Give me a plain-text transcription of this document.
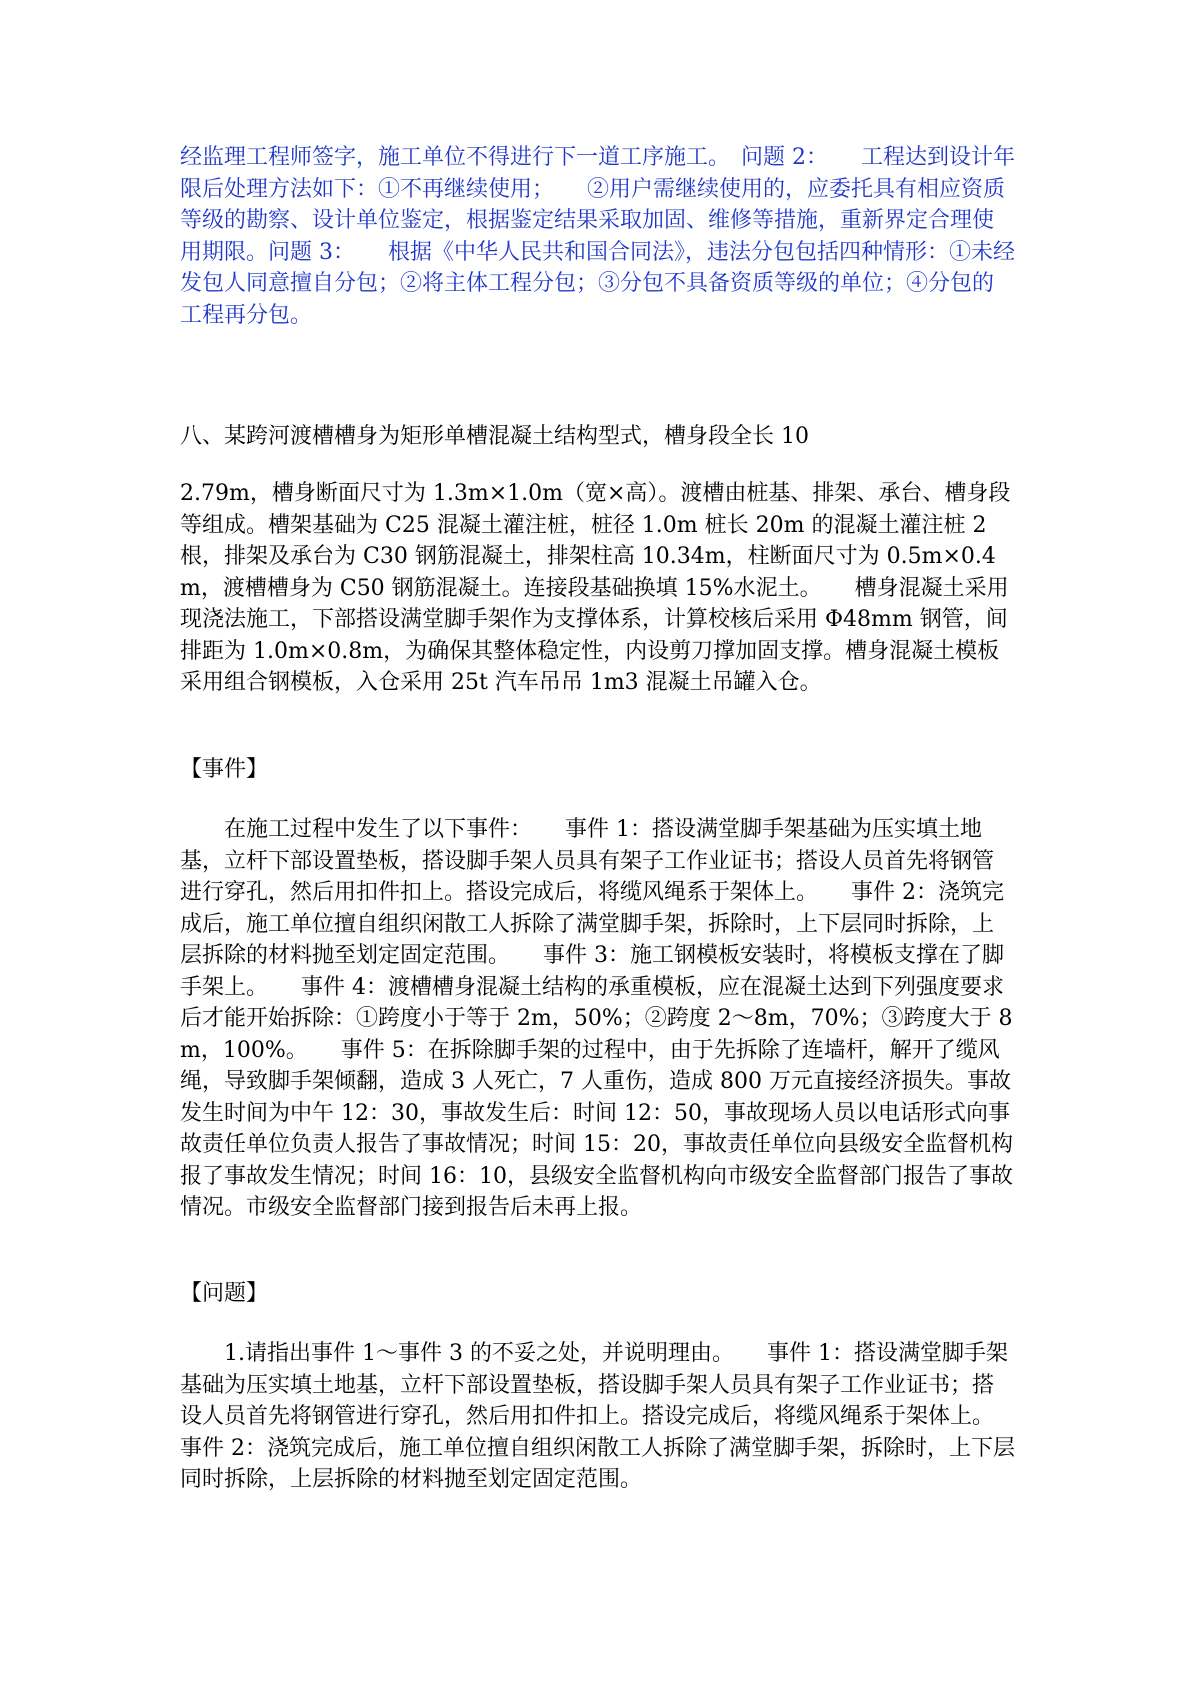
经监理工程师签字，施工单位不得进行下一道工序施工。　问题 2：　　工程达到设计年限后处理方法如下：①不再继续使用；　　②用户需继续使用的，应委托具有相应资质等级的勘察、设计单位鉴定，根据鉴定结果采取加固、维修等措施，重新界定合理使用期限。问题 3：　　根据《中华人民共和国合同法》，违法分包包括四种情形：①未经发包人同意擅自分包；②将主体工程分包；③分包不具备资质等级的单位；④分包的工程再分包。

八、某跨河渡槽槽身为矩形单槽混凝土结构型式，槽身段全长 10

2.79m，槽身断面尺寸为 1.3m×1.0m（宽×高）。渡槽由桩基、排架、承台、槽身段等组成。槽架基础为 C25 混凝土灌注桩，桩径 1.0m 桩长 20m 的混凝土灌注桩 2 根，排架及承台为 C30 钢筋混凝土，排架柱高 10.34m，柱断面尺寸为 0.5m×0.4m，渡槽槽身为 C50 钢筋混凝土。连接段基础换填 15%水泥土。　　槽身混凝土采用现浇法施工，下部搭设满堂脚手架作为支撑体系，计算校核后采用 Φ48mm 钢管，间排距为 1.0m×0.8m，为确保其整体稳定性，内设剪刀撑加固支撑。槽身混凝土模板采用组合钢模板，入仓采用 25t 汽车吊吊 1m3 混凝土吊罐入仓。

【事件】

在施工过程中发生了以下事件：　　事件 1：搭设满堂脚手架基础为压实填土地基，立杆下部设置垫板，搭设脚手架人员具有架子工作业证书；搭设人员首先将钢管进行穿孔，然后用扣件扣上。搭设完成后，将缆风绳系于架体上。　　事件 2：浇筑完成后，施工单位擅自组织闲散工人拆除了满堂脚手架，拆除时，上下层同时拆除，上层拆除的材料抛至划定固定范围。　　事件 3：施工钢模板安装时，将模板支撑在了脚手架上。　　事件 4：渡槽槽身混凝土结构的承重模板，应在混凝土达到下列强度要求后才能开始拆除：①跨度小于等于 2m，50%；②跨度 2～8m，70%；③跨度大于 8m，100%。　　事件 5：在拆除脚手架的过程中，由于先拆除了连墙杆，解开了缆风绳，导致脚手架倾翻，造成 3 人死亡，7 人重伤，造成 800 万元直接经济损失。事故发生时间为中午 12：30，事故发生后：时间 12：50，事故现场人员以电话形式向事故责任单位负责人报告了事故情况；时间 15：20，事故责任单位向县级安全监督机构报了事故发生情况；时间 16：10，县级安全监督机构向市级安全监督部门报告了事故情况。市级安全监督部门接到报告后未再上报。

【问题】

1.请指出事件 1～事件 3 的不妥之处，并说明理由。　　事件 1：搭设满堂脚手架基础为压实填土地基，立杆下部设置垫板，搭设脚手架人员具有架子工作业证书；搭设人员首先将钢管进行穿孔，然后用扣件扣上。搭设完成后，将缆风绳系于架体上。　　事件 2：浇筑完成后，施工单位擅自组织闲散工人拆除了满堂脚手架，拆除时，上下层同时拆除，上层拆除的材料抛至划定固定范围。
